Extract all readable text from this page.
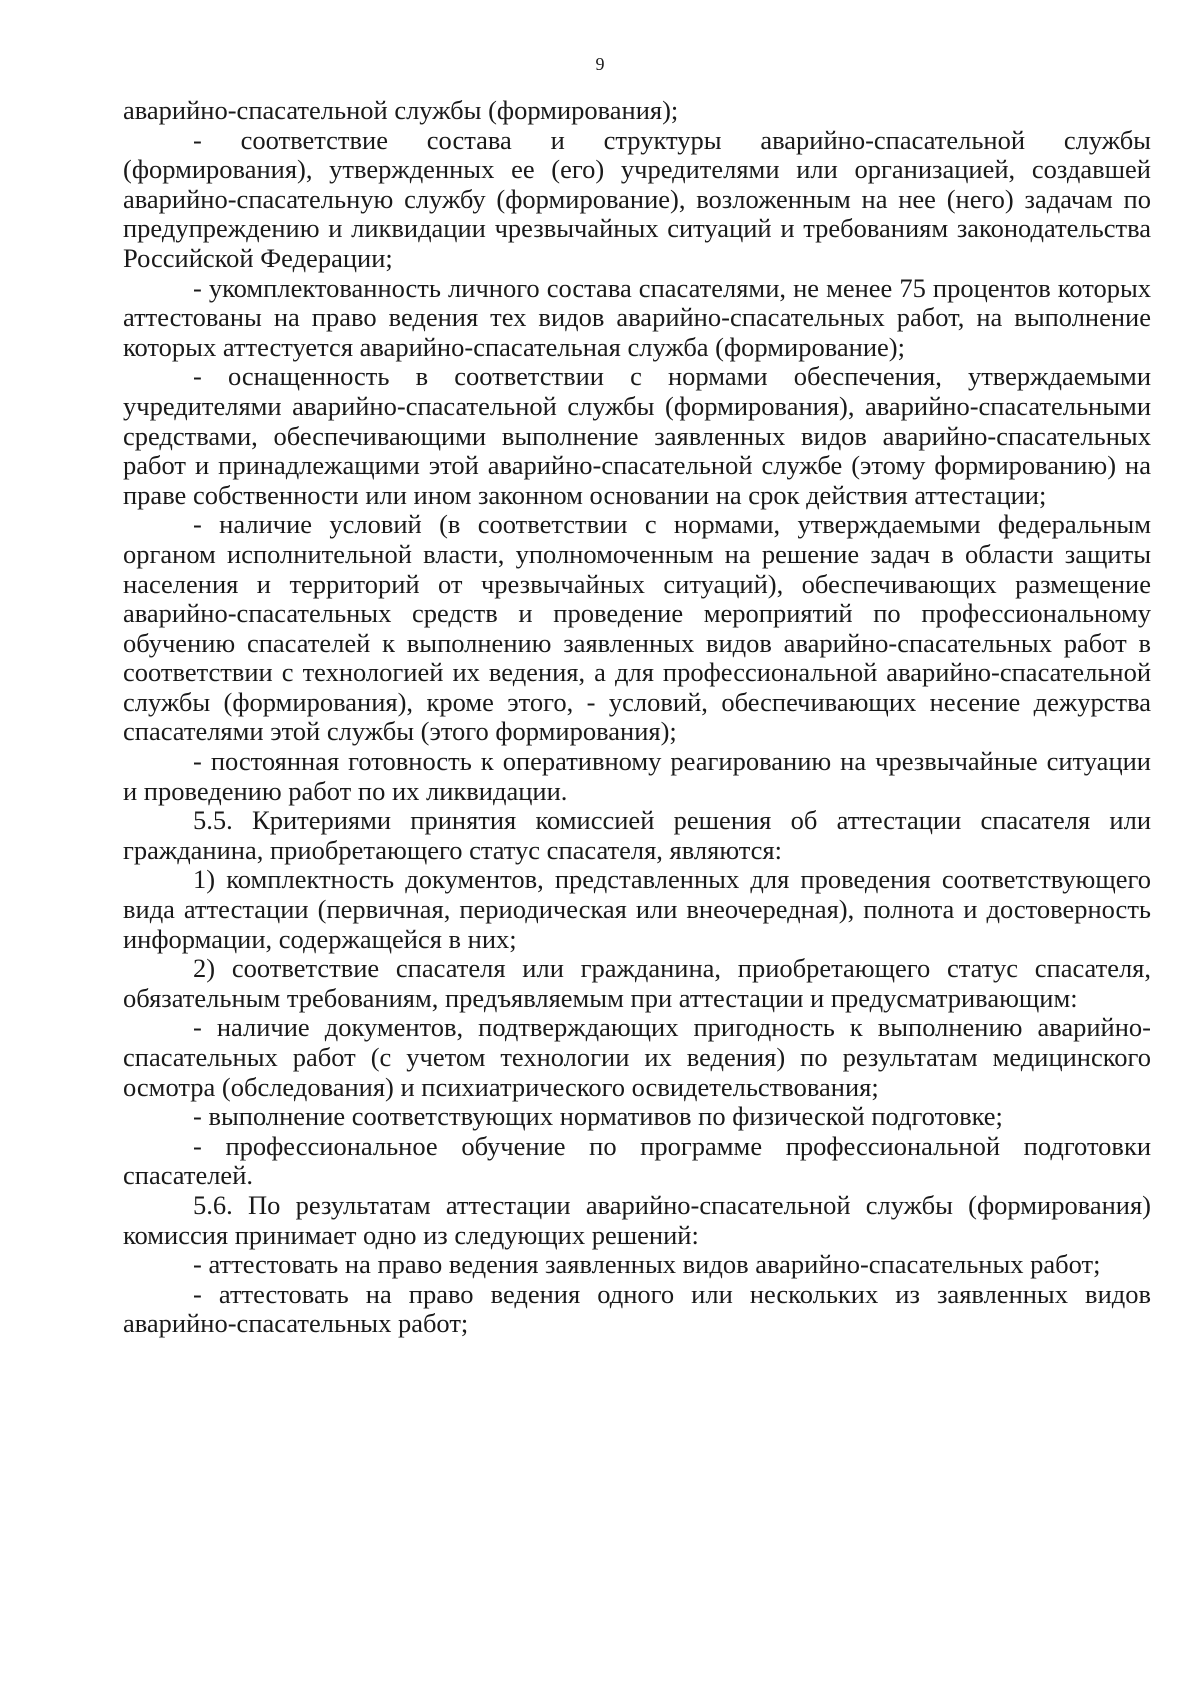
9

аварийно-спасательной службы (формирования);

- соответствие состава и структуры аварийно-спасательной службы (формирования), утвержденных ее (его) учредителями или организацией, создавшей аварийно-спасательную службу (формирование), возложенным на нее (него) задачам по предупреждению и ликвидации чрезвычайных ситуаций и требованиям законодательства Российской Федерации;

- укомплектованность личного состава спасателями, не менее 75 процентов которых аттестованы на право ведения тех видов аварийно-спасательных работ, на выполнение которых аттестуется аварийно-спасательная служба (формирование);

- оснащенность в соответствии с нормами обеспечения, утверждаемыми учредителями аварийно-спасательной службы (формирования), аварийно-спасательными средствами, обеспечивающими выполнение заявленных видов аварийно-спасательных работ и принадлежащими этой аварийно-спасательной службе (этому формированию) на праве собственности или ином законном основании на срок действия аттестации;

- наличие условий (в соответствии с нормами, утверждаемыми федеральным органом исполнительной власти, уполномоченным на решение задач в области защиты населения и территорий от чрезвычайных ситуаций), обеспечивающих размещение аварийно-спасательных средств и проведение мероприятий по профессиональному обучению спасателей к выполнению заявленных видов аварийно-спасательных работ в соответствии с технологией их ведения, а для профессиональной аварийно-спасательной службы (формирования), кроме этого, - условий, обеспечивающих несение дежурства спасателями этой службы (этого формирования);

- постоянная готовность к оперативному реагированию на чрезвычайные ситуации и проведению работ по их ликвидации.

5.5. Критериями принятия комиссией решения об аттестации спасателя или гражданина, приобретающего статус спасателя, являются:

1) комплектность документов, представленных для проведения соответствующего вида аттестации (первичная, периодическая или внеочередная), полнота и достоверность информации, содержащейся в них;

2) соответствие спасателя или гражданина, приобретающего статус спасателя, обязательным требованиям, предъявляемым при аттестации и предусматривающим:

- наличие документов, подтверждающих пригодность к выполнению аварийно-спасательных работ (с учетом технологии их ведения) по результатам медицинского осмотра (обследования) и психиатрического освидетельствования;

- выполнение соответствующих нормативов по физической подготовке;

- профессиональное обучение по программе профессиональной подготовки спасателей.

5.6. По результатам аттестации аварийно-спасательной службы (формирования) комиссия принимает одно из следующих решений:

- аттестовать на право ведения заявленных видов аварийно-спасательных работ;

- аттестовать на право ведения одного или нескольких из заявленных видов аварийно-спасательных работ;
